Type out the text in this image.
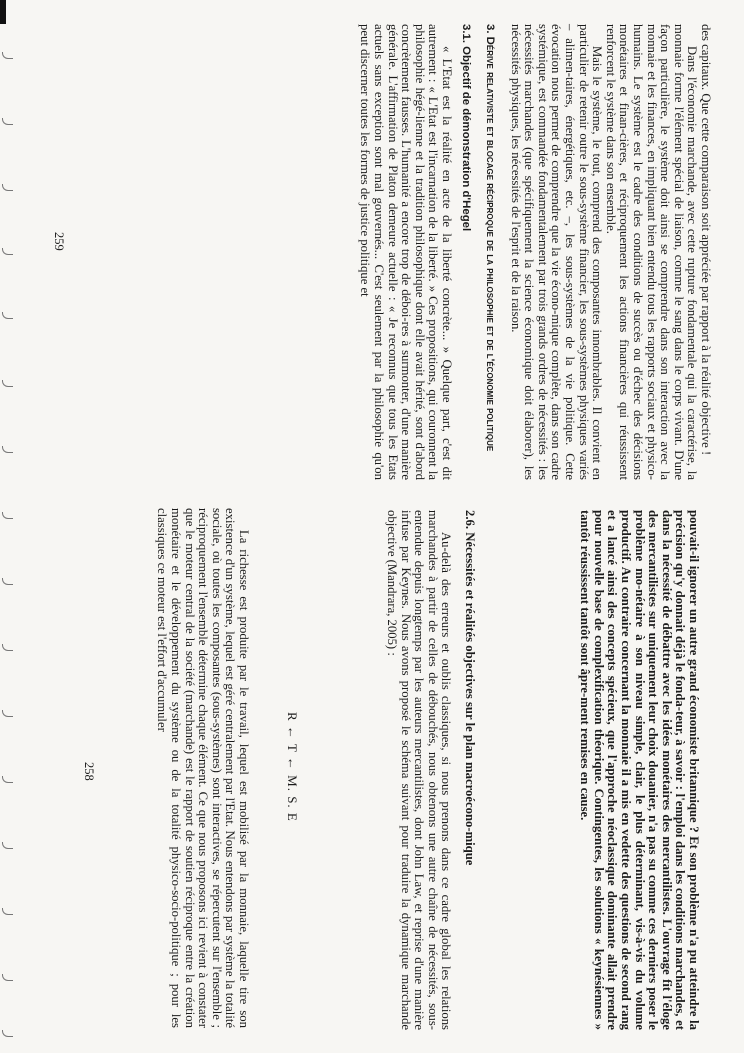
pouvait-il ignorer un autre grand économiste britannique ? Et son problème n'a pu atteindre la précision qu'y donnait déjà le fonda-teur, à savoir : l'emploi dans les conditions marchandes, et dans la nécessité de débattre avec les idées monétaires des mercantilistes. L'ouvrage fit l'éloge des mercantilistes sur uniquement leur choix douanier, n'a pas su comme ces derniers poser le problème mo-nétaire à son niveau simple, clair, le plus déterminant, vis-à-vis du volume productif. Au contraire concernant la monnaie il a mis en vedette des questions de second rang et a lancé ainsi des concepts spécieux, que l'approche néoclassique dominante allait prendre pour nouvelle base de complexification théorique. Contingentes, les solutions « keynésiennes » tantôt réussissent tantôt sont âpre-ment remises en cause.

2.6. Nécessités et réalités objectives sur le plan macroécono-mique

Au-delà des erreurs et oublis classiques, si nous prenons dans ce cadre global les relations marchandes à partir de celles de débouchés, nous obtenons une autre chaîne de nécessités, sous-entendue depuis longtemps par les auteurs mercantilistes, dont John Law, et reprise d'une manière infuse par Keynes. Nous avons proposé le schéma suivant pour traduire la dynamique marchande objective (Mandrara, 2005) :

R ← T ← M. S. E

La richesse est produite par le travail, lequel est mobilisé par la monnaie, laquelle tire son existence d'un système, lequel est géré centralement par l'Etat. Nous entendons par système la totalité sociale, où toutes les composantes (sous-systèmes) sont interactives, se répercutent sur l'ensemble ; réciproquement l'ensemble détermine chaque élément. Ce que nous proposons ici revient à constater que le moteur central de la société (marchande) est le rapport de soutien réciproque entre la création monétaire et le développement du système ou de la totalité physico-socio-politique ; pour les classiques ce moteur est l'effort d'accumuler

258

des capitaux. Que cette comparaison soit appréciée par rapport à la réalité objective !

Dans l'économie marchande, avec cette rupture fondamentale qui la caractérise, la monnaie forme l'élément spécial de liaison, comme le sang dans le corps vivant. D'une façon particulière, le système doit ainsi se comprendre dans son interaction avec la monnaie et les finances, en impliquant bien entendu tous les rapports sociaux et physico-humains. Le système est le cadre des conditions de succès ou d'échec des décisions monétaires et finan-cières, et réciproquement les actions financières qui réussissent renforcent le système dans son ensemble.

Mais le système, le tout, comprend des composantes innombrables. Il convient en particulier de retenir outre le sous-système financier, les sous-systèmes physiques variés – alimen-taires, énergétiques, etc. –, les sous-systèmes de la vie politique. Cette évocation nous permet de comprendre que la vie écono-mique complète, dans son cadre systémique, est commandée fondamentalement par trois grands ordres de nécessités : les nécessités marchandes (que spécifiquement la science économique doit élaborer), les nécessités physiques, les nécessités de l'esprit et de la raison.

3. Dérive relativiste et blocage réciproque de la philosophie et de l'économie politique

3.1. Objectif de démonstration d'Hegel

« L'Etat est la réalité en acte de la liberté concrète... » Quelque part, c'est dit autrement : « L'Etat est l'incarnation de la liberté. » Ces propositions, qui couronnent la philosophie hégé-lienne et la tradition philosophique dont elle avait hérité, sont d'abord concrètement fausses. L'humanité a encore trop de déboi-res à surmonter, d'une manière générale. L'affirmation de Platon demeure actuelle : « Je reconnus que tous les Etats actuels sans exception sont mal gouvernés... C'est seulement par la philosophie qu'on peut discerner toutes les formes de justice politique et

259
